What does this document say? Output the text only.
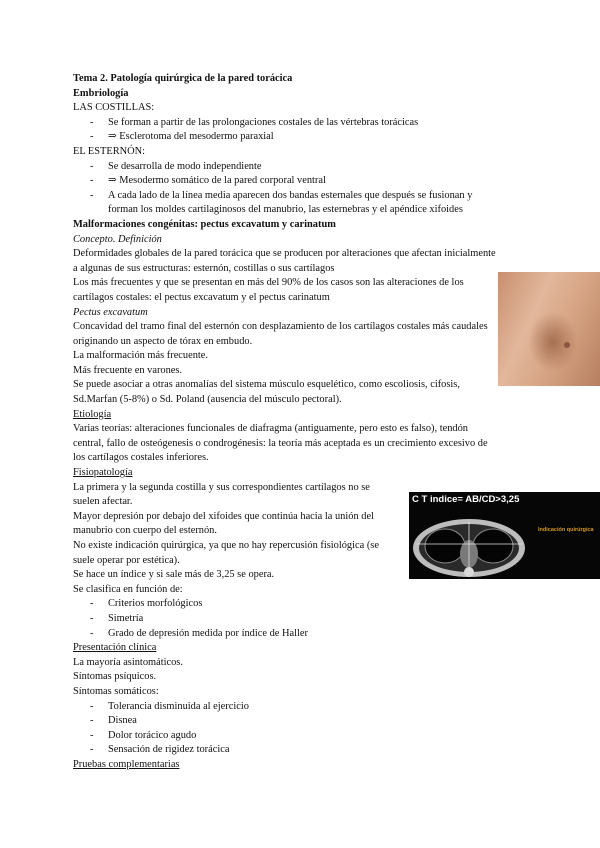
Tema 2. Patología quirúrgica de la pared torácica
Embriología
LAS COSTILLAS:
- Se forman a partir de las prolongaciones costales de las vértebras torácicas
- ⇒ Esclerotoma del mesodermo paraxial
EL ESTERNÓN:
- Se desarrolla de modo independiente
- ⇒ Mesodermo somático de la pared corporal ventral
- A cada lado de la línea media aparecen dos bandas esternales que después se fusionan y
forman los moldes cartilaginosos del manubrio, las esternebras y el apéndice xifoides
Malformaciones congénitas: pectus excavatum y carinatum
Concepto. Definición
Deformidades globales de la pared torácica que se producen por alteraciones que afectan inicialmente
a algunas de sus estructuras: esternón, costillas o sus cartílagos
Los más frecuentes y que se presentan en más del 90% de los casos son las alteraciones de los
cartílagos costales: el pectus excavatum y el pectus carinatum
Pectus excavatum
Concavidad del tramo final del esternón con desplazamiento de los cartílagos costales más caudales
originando un aspecto de tórax en embudo.
La malformación más frecuente.
Más frecuente en varones.
Se puede asociar a otras anomalías del sistema músculo esquelético, como escoliosis, cifosis,
Sd.Marfan (5-8%) o Sd. Poland (ausencia del músculo pectoral).
Etiología
Varias teorías: alteraciones funcionales de diafragma (antiguamente, pero esto es falso), tendón
central, fallo de osteógenesis o condrogénesis: la teoría más aceptada es un crecimiento excesivo de
los cartílagos costales inferiores.
Fisiopatología
La primera y la segunda costilla y sus correspondientes cartílagos no se
suelen afectar.
Mayor depresión por debajo del xifoides que continúa hacia la unión del
manubrio con cuerpo del esternón.
No existe indicación quirúrgica, ya que no hay repercusión fisiológica (se
suele operar por estética).
Se hace un índice y si sale más de 3,25 se opera.
Se clasifica en función de:
- Criterios morfológicos
- Simetría
- Grado de depresión medida por índice de Haller
Presentación clínica
La mayoría asintomáticos.
Síntomas psíquicos.
Síntomas somáticos:
- Tolerancia disminuida al ejercicio
- Disnea
- Dolor torácico agudo
- Sensación de rigidez torácica
Pruebas complementarias
C T indice= AB/CD>3,25
Indicación quirúrgica
